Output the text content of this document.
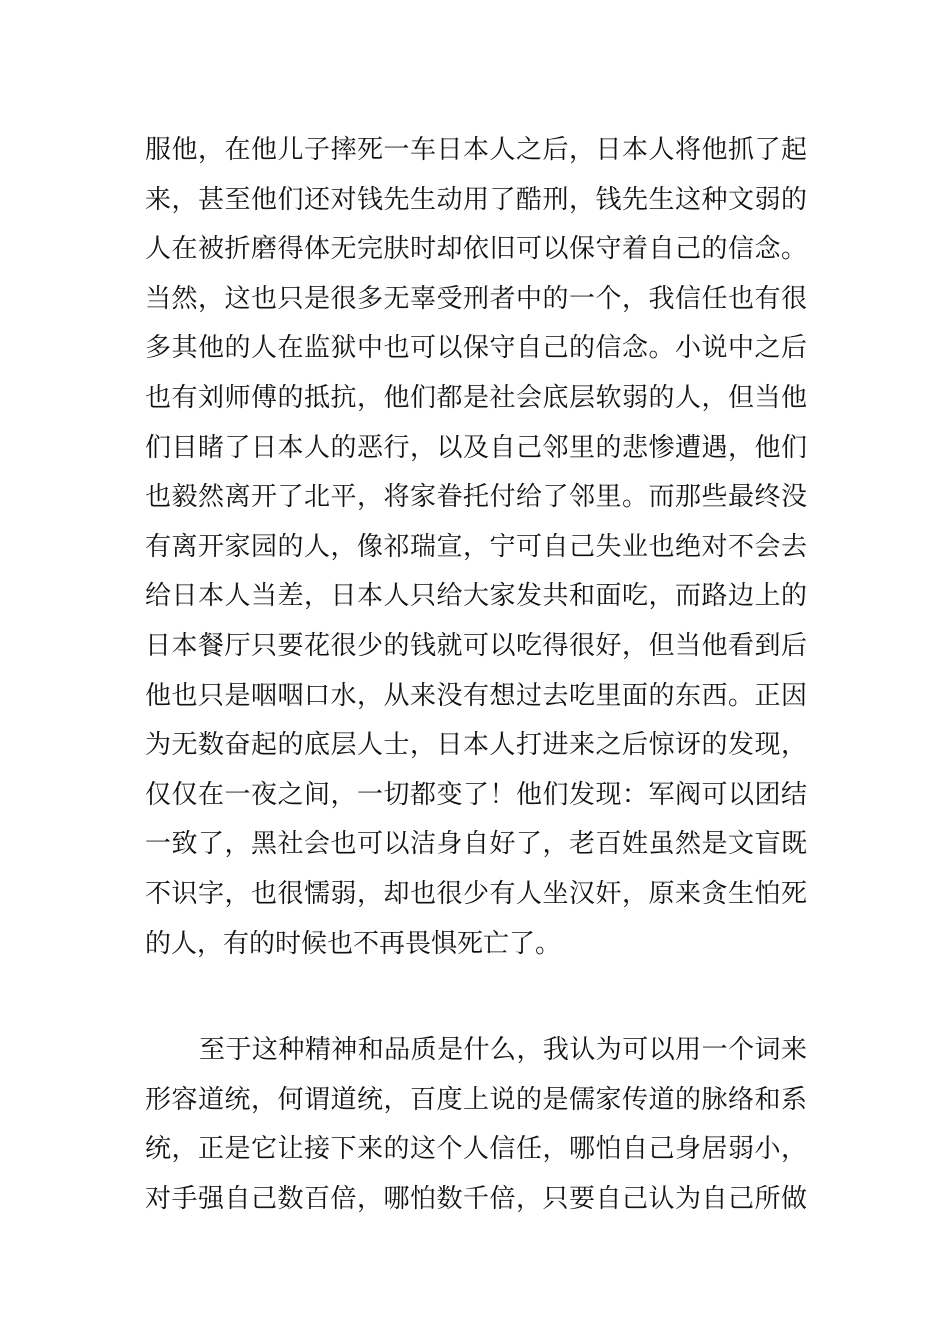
服他，在他儿子摔死一车日本人之后，日本人将他抓了起
来，甚至他们还对钱先生动用了酷刑，钱先生这种文弱的
人在被折磨得体无完肤时却依旧可以保守着自己的信念。
当然，这也只是很多无辜受刑者中的一个，我信任也有很
多其他的人在监狱中也可以保守自己的信念。小说中之后
也有刘师傅的抵抗，他们都是社会底层软弱的人，但当他
们目睹了日本人的恶行，以及自己邻里的悲惨遭遇，他们
也毅然离开了北平，将家眷托付给了邻里。而那些最终没
有离开家园的人，像祁瑞宣，宁可自己失业也绝对不会去
给日本人当差，日本人只给大家发共和面吃，而路边上的
日本餐厅只要花很少的钱就可以吃得很好，但当他看到后
他也只是咽咽口水，从来没有想过去吃里面的东西。正因
为无数奋起的底层人士，日本人打进来之后惊讶的发现，
仅仅在一夜之间，一切都变了！他们发现：军阀可以团结
一致了，黑社会也可以洁身自好了，老百姓虽然是文盲既
不识字，也很懦弱，却也很少有人坐汉奸，原来贪生怕死
的人，有的时候也不再畏惧死亡了。
至于这种精神和品质是什么，我认为可以用一个词来
形容道统，何谓道统，百度上说的是儒家传道的脉络和系
统，正是它让接下来的这个人信任，哪怕自己身居弱小，
对手强自己数百倍，哪怕数千倍，只要自己认为自己所做
